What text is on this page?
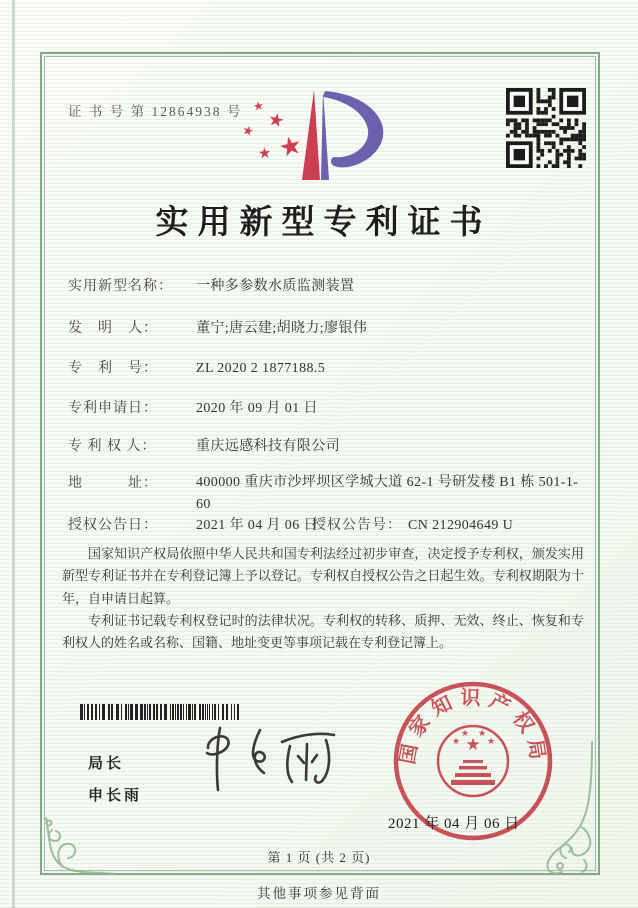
证 书 号 第 12864938 号
★
★
★
★
★
实用新型专利证书
实用新型名称： 一种多参数水质监测装置
发　明　人：	董宁;唐云建;胡晓力;廖银伟
专　利　号：	ZL 2020 2 1877188.5
专利申请日：	2020 年 09 月 01 日
专 利 权 人：	重庆远感科技有限公司
地　　　址：	400000 重庆市沙坪坝区学城大道 62-1 号研发楼 B1 栋 501-1-60
授权公告日：	2021 年 04 月 06 日
授权公告号： CN 212904649 U

国家知识产权局依照中华人民共和国专利法经过初步审查，决定授予专利权，颁发实用新型专利证书并在专利登记簿上予以登记。专利权自授权公告之日起生效。专利权期限为十年，自申请日起算。

专利证书记载专利权登记时的法律状况。专利权的转移、质押、无效、终止、恢复和专利权人的姓名或名称、国籍、地址变更等事项记载在专利登记簿上。

局长
申长雨
国家知识产权局
★
★
★ ★
★
2021 年 04 月 06 日
第 1 页 (共 2 页)
其他事项参见背面
